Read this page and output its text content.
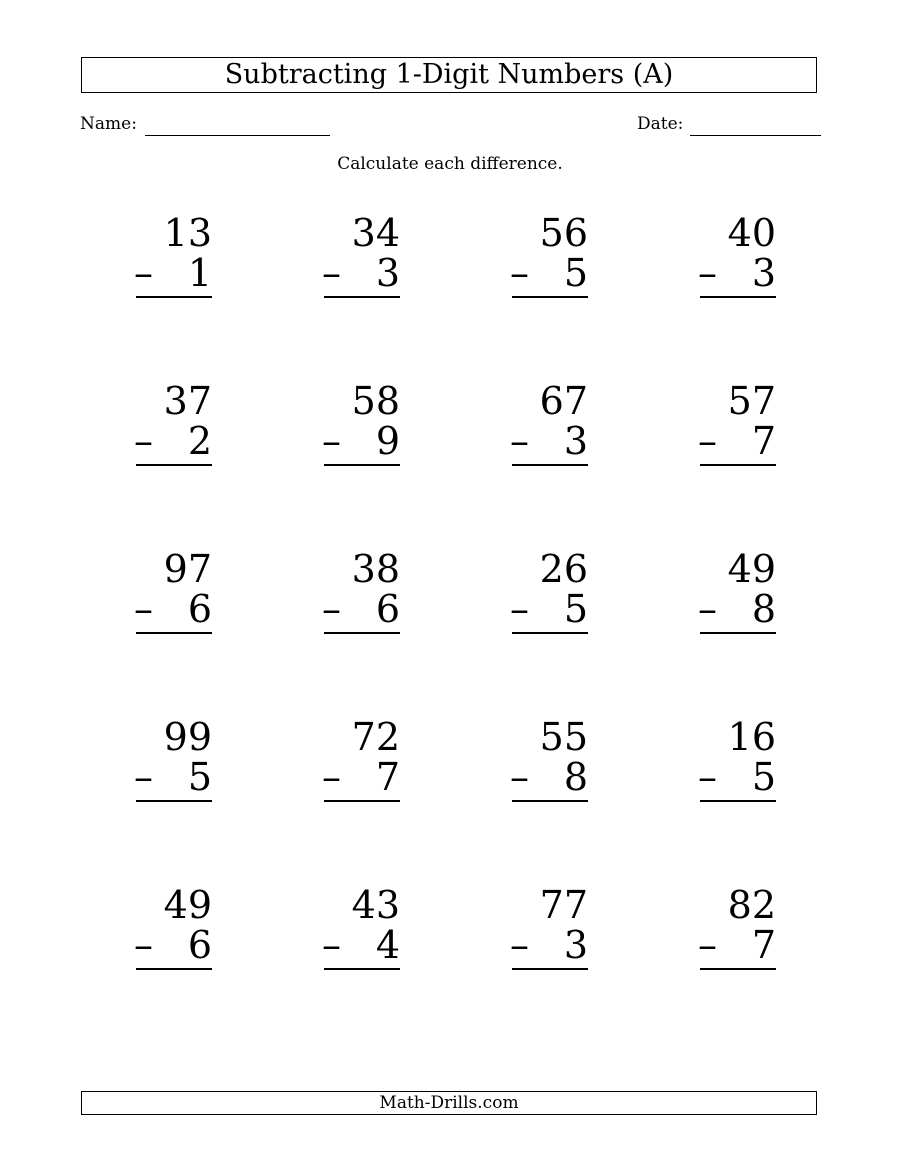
Subtracting 1-Digit Numbers (A)
Name:	Date:
Calculate each difference.
13
– 1
34
– 3
56
– 5
40
– 3
37
– 2
58
– 9
67
– 3
57
– 7
97
– 6
38
– 6
26
– 5
49
– 8
99
– 5
72
– 7
55
– 8
16
– 5
49
– 6
43
– 4
77
– 3
82
– 7
Math-Drills.com
